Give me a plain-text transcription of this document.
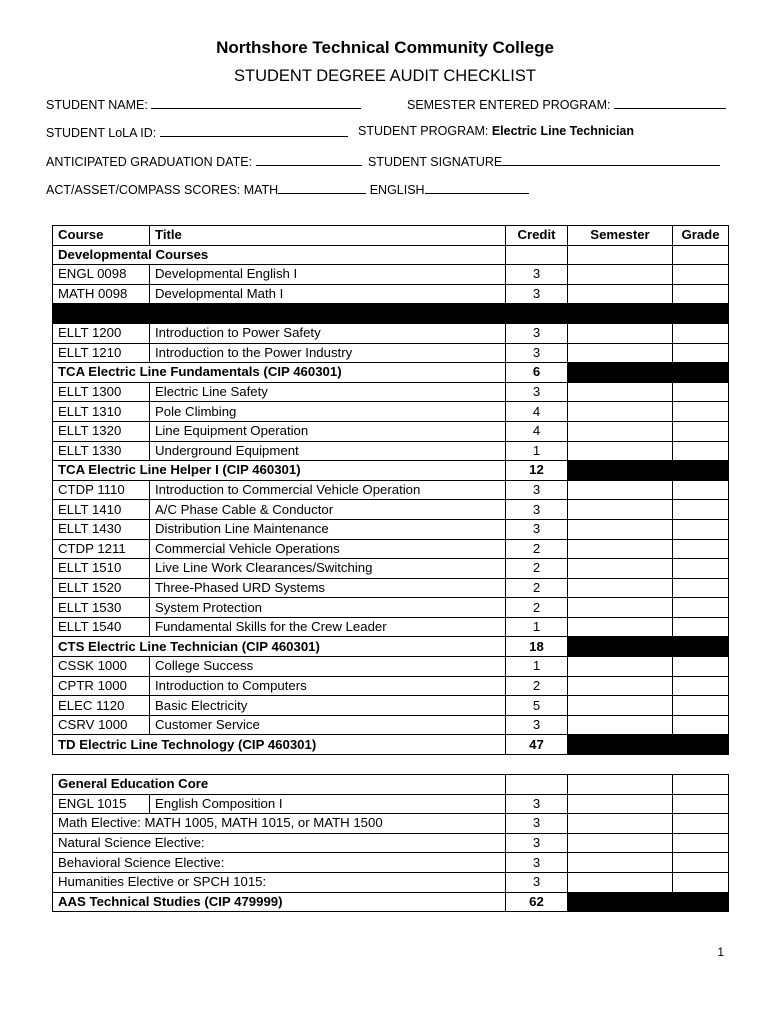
Northshore Technical Community College
STUDENT DEGREE AUDIT CHECKLIST
STUDENT NAME:	SEMESTER ENTERED PROGRAM:
STUDENT LoLA ID:	STUDENT PROGRAM: Electric Line Technician
ANTICIPATED GRADUATION DATE:	STUDENT SIGNATURE
ACT/ASSET/COMPASS SCORES: MATH	ENGLISH
Course	Title	Credit	Semester	Grade
Developmental Courses				
ENGL 0098	Developmental English I	3		
MATH 0098	Developmental Math I	3		

ELLT 1200	Introduction to Power Safety	3		
ELLT 1210	Introduction to the Power Industry	3		
TCA Electric Line Fundamentals (CIP 460301)		6		
ELLT 1300	Electric Line Safety	3		
ELLT 1310	Pole Climbing	4		
ELLT 1320	Line Equipment Operation	4		
ELLT 1330	Underground Equipment	1		
TCA Electric Line Helper I (CIP 460301)		12		
CTDP 1110	Introduction to Commercial Vehicle Operation	3		
ELLT 1410	A/C Phase Cable & Conductor	3		
ELLT 1430	Distribution Line Maintenance	3		
CTDP 1211	Commercial Vehicle Operations	2		
ELLT 1510	Live Line Work Clearances/Switching	2		
ELLT 1520	Three-Phased URD Systems	2		
ELLT 1530	System Protection	2		
ELLT 1540	Fundamental Skills for the Crew Leader	1		
CTS Electric Line Technician (CIP 460301)		18		
CSSK 1000	College Success	1		
CPTR 1000	Introduction to Computers	2		
ELEC 1120	Basic Electricity	5		
CSRV 1000	Customer Service	3		
TD Electric Line Technology (CIP 460301)		47		
General Education Core				
ENGL 1015	English Composition I	3		
Math Elective: MATH 1005, MATH 1015, or MATH 1500		3		
Natural Science Elective:		3		
Behavioral Science Elective:		3		
Humanities Elective or SPCH 1015:		3		
AAS Technical Studies (CIP 479999)		62		
1
